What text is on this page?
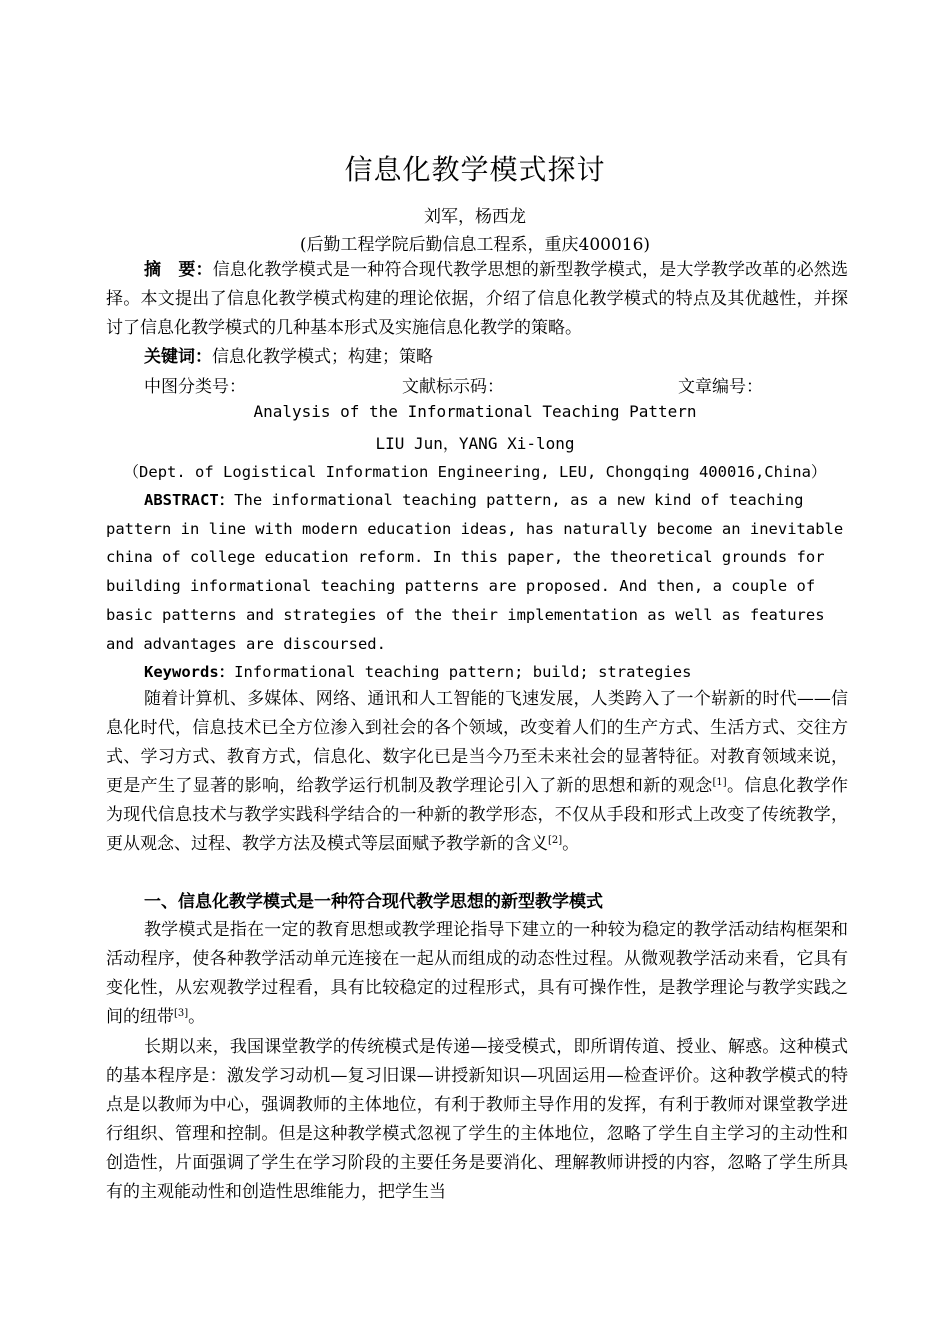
信息化教学模式探讨
刘军，杨西龙
(后勤工程学院后勤信息工程系，重庆400016)

摘　要：信息化教学模式是一种符合现代教学思想的新型教学模式，是大学教学改革的必然选择。本文提出了信息化教学模式构建的理论依据，介绍了信息化教学模式的特点及其优越性，并探讨了信息化教学模式的几种基本形式及实施信息化教学的策略。

关键词：信息化教学模式；构建；策略

中图分类号：	文献标示码：	文章编号：
Analysis of the Informational Teaching Pattern
LIU Jun，YANG Xi-long
（Dept. of Logistical Information Engineering, LEU, Chongqing 400016,China）

ABSTRACT：The informational teaching pattern, as a new kind of teaching pattern in line with modern education ideas, has naturally become an inevitable china of college education reform. In this paper, the theoretical grounds for building informational teaching patterns are proposed. And then, a couple of basic patterns and strategies of the their implementation as well as features and advantages are discoursed.

Keywords：Informational teaching pattern; build; strategies

随着计算机、多媒体、网络、通讯和人工智能的飞速发展，人类跨入了一个崭新的时代——信息化时代，信息技术已全方位渗入到社会的各个领域，改变着人们的生产方式、生活方式、交往方式、学习方式、教育方式，信息化、数字化已是当今乃至未来社会的显著特征。对教育领域来说，更是产生了显著的影响，给教学运行机制及教学理论引入了新的思想和新的观念[1]。信息化教学作为现代信息技术与教学实践科学结合的一种新的教学形态，不仅从手段和形式上改变了传统教学，更从观念、过程、教学方法及模式等层面赋予教学新的含义[2]。

一、信息化教学模式是一种符合现代教学思想的新型教学模式

教学模式是指在一定的教育思想或教学理论指导下建立的一种较为稳定的教学活动结构框架和活动程序，使各种教学活动单元连接在一起从而组成的动态性过程。从微观教学活动来看，它具有变化性，从宏观教学过程看，具有比较稳定的过程形式，具有可操作性，是教学理论与教学实践之间的纽带[3]。

长期以来，我国课堂教学的传统模式是传递—接受模式，即所谓传道、授业、解惑。这种模式的基本程序是：激发学习动机—复习旧课—讲授新知识—巩固运用—检查评价。这种教学模式的特点是以教师为中心，强调教师的主体地位，有利于教师主导作用的发挥，有利于教师对课堂教学进行组织、管理和控制。但是这种教学模式忽视了学生的主体地位，忽略了学生自主学习的主动性和创造性，片面强调了学生在学习阶段的主要任务是要消化、理解教师讲授的内容，忽略了学生所具有的主观能动性和创造性思维能力，把学生当
